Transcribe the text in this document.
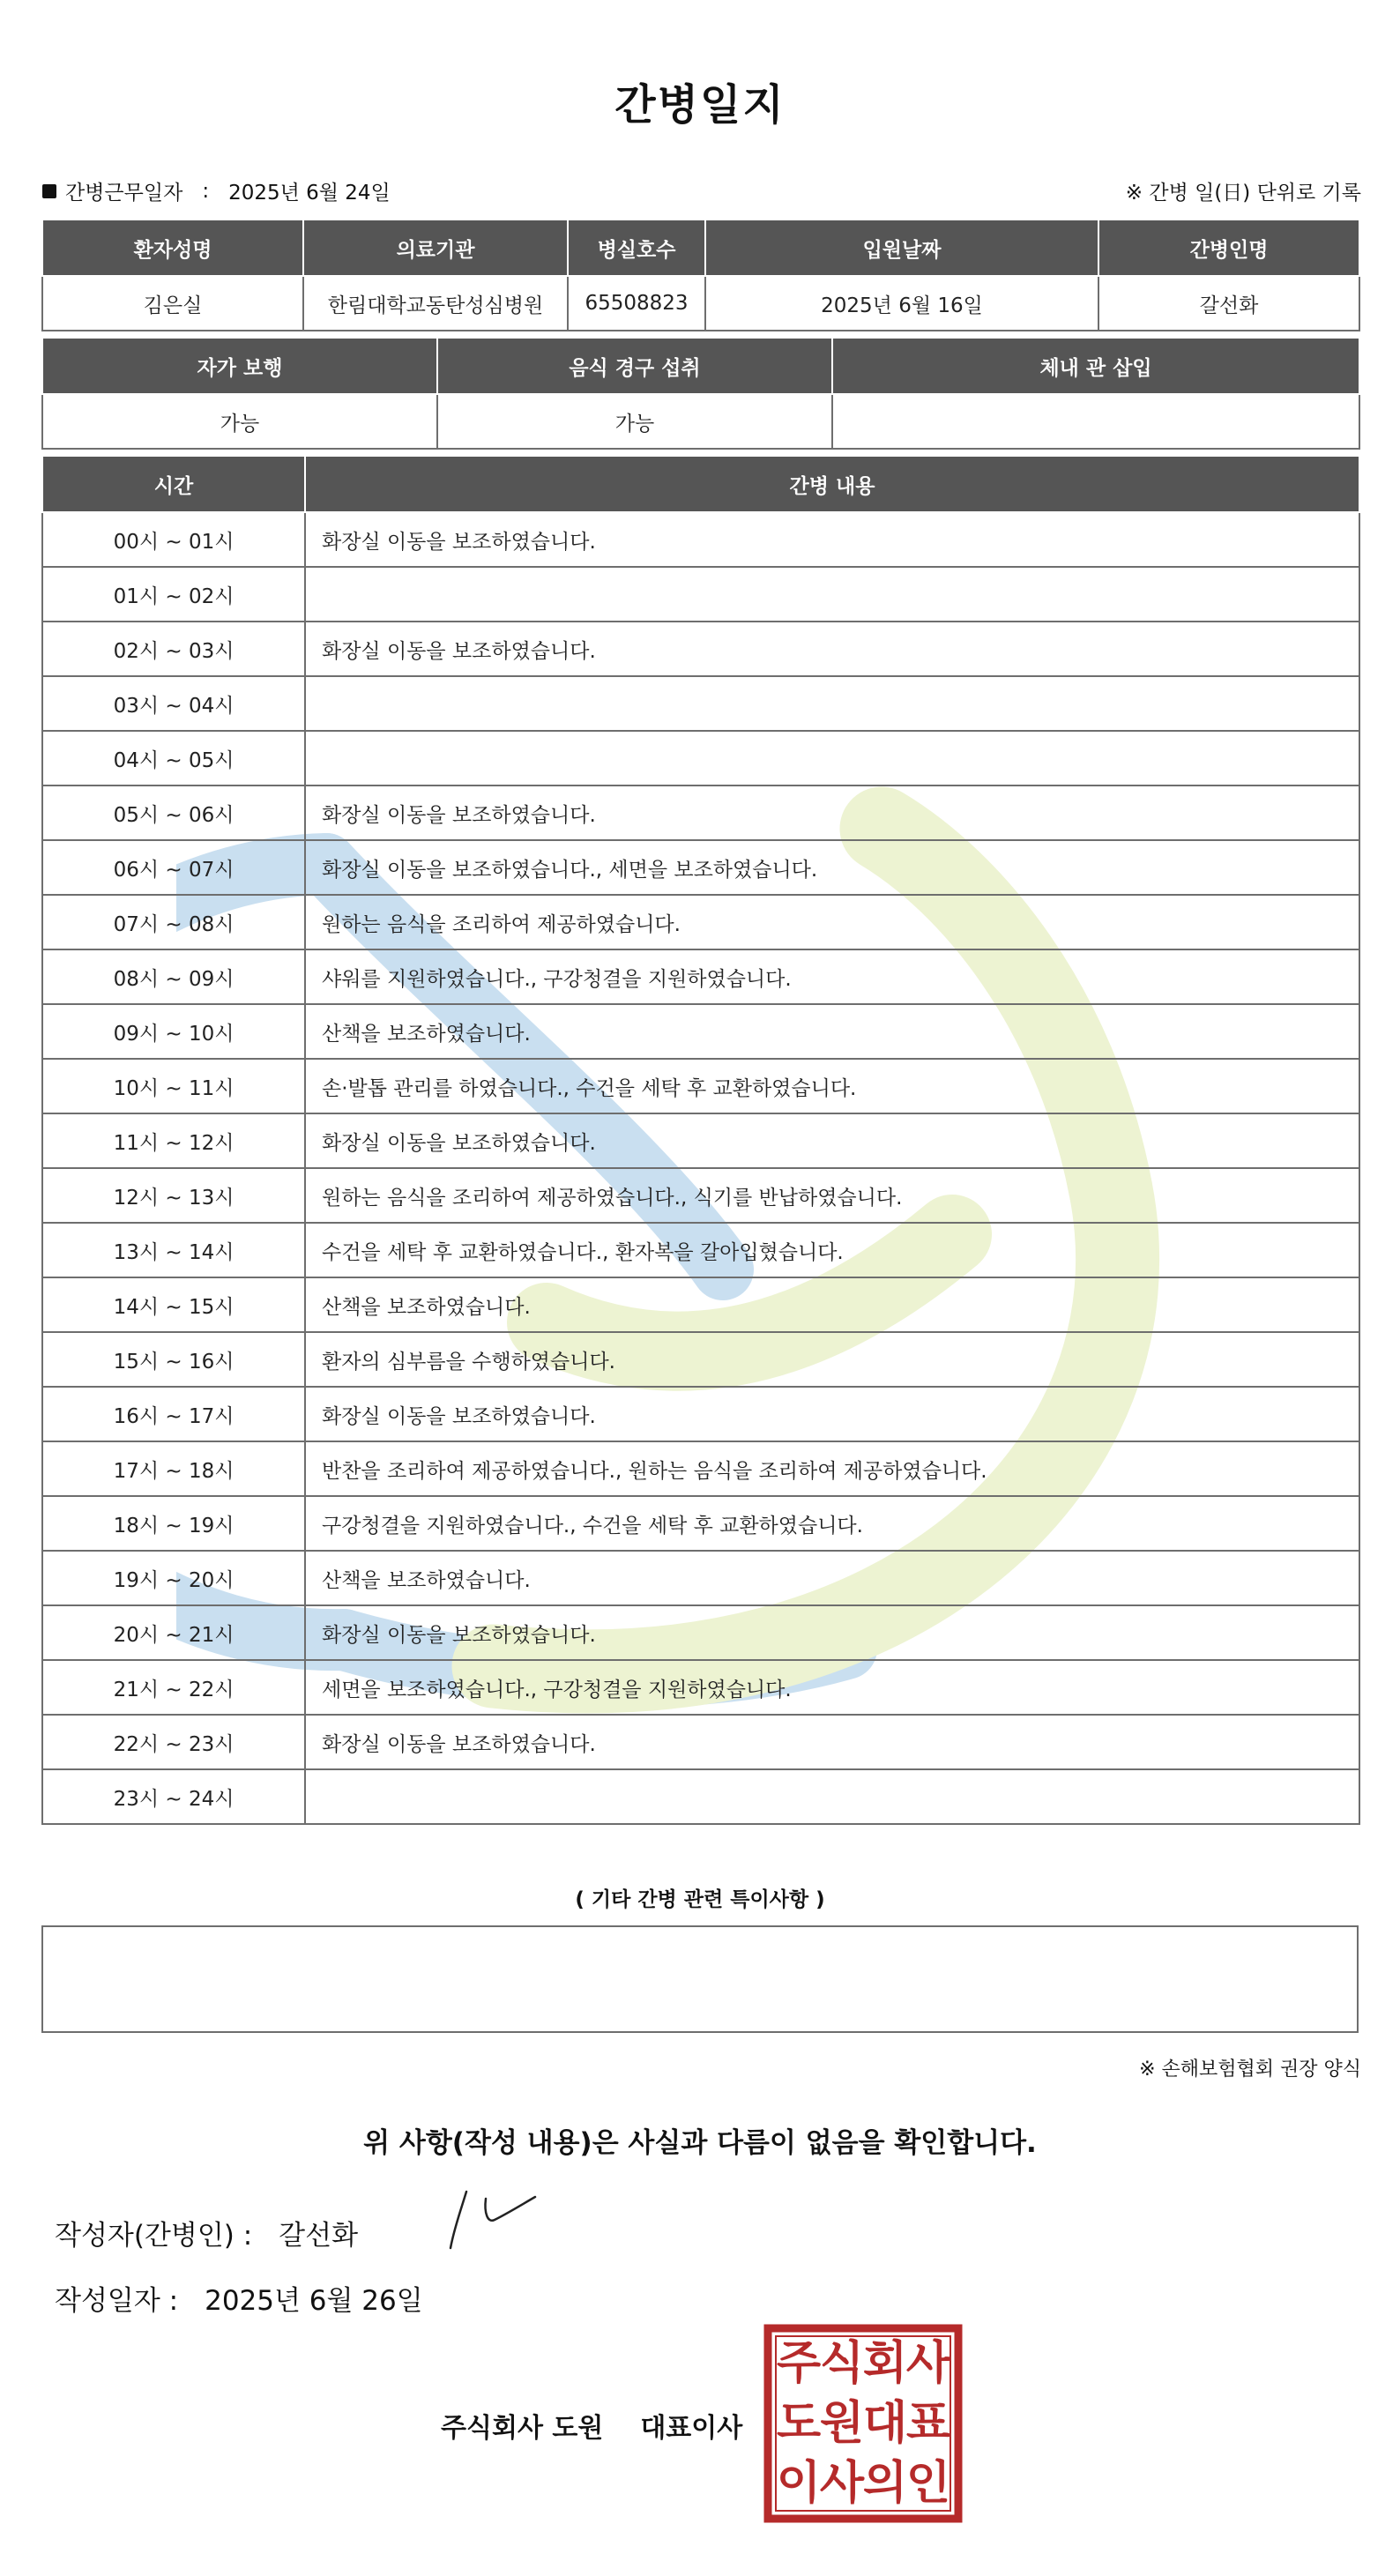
간병일지
간병근무일자 : 2025년 6월 24일	※ 간병 일(日) 단위로 기록
환자성명	의료기관	병실호수	입원날짜	간병인명
김은실	한림대학교동탄성심병원	65508823	2025년 6월 16일	갈선화
자가 보행	음식 경구 섭취	체내 관 삽입
가능	가능	
시간	간병 내용
00시 ~ 01시	화장실 이동을 보조하였습니다.
01시 ~ 02시	
02시 ~ 03시	화장실 이동을 보조하였습니다.
03시 ~ 04시	
04시 ~ 05시	
05시 ~ 06시	화장실 이동을 보조하였습니다.
06시 ~ 07시	화장실 이동을 보조하였습니다., 세면을 보조하였습니다.
07시 ~ 08시	원하는 음식을 조리하여 제공하였습니다.
08시 ~ 09시	샤워를 지원하였습니다., 구강청결을 지원하였습니다.
09시 ~ 10시	산책을 보조하였습니다.
10시 ~ 11시	손·발톱 관리를 하였습니다., 수건을 세탁 후 교환하였습니다.
11시 ~ 12시	화장실 이동을 보조하였습니다.
12시 ~ 13시	원하는 음식을 조리하여 제공하였습니다., 식기를 반납하였습니다.
13시 ~ 14시	수건을 세탁 후 교환하였습니다., 환자복을 갈아입혔습니다.
14시 ~ 15시	산책을 보조하였습니다.
15시 ~ 16시	환자의 심부름을 수행하였습니다.
16시 ~ 17시	화장실 이동을 보조하였습니다.
17시 ~ 18시	반찬을 조리하여 제공하였습니다., 원하는 음식을 조리하여 제공하였습니다.
18시 ~ 19시	구강청결을 지원하였습니다., 수건을 세탁 후 교환하였습니다.
19시 ~ 20시	산책을 보조하였습니다.
20시 ~ 21시	화장실 이동을 보조하였습니다.
21시 ~ 22시	세면을 보조하였습니다., 구강청결을 지원하였습니다.
22시 ~ 23시	화장실 이동을 보조하였습니다.
23시 ~ 24시	
( 기타 간병 관련 특이사항 )
※ 손해보험협회 권장 양식
위 사항(작성 내용)은 사실과 다름이 없음을 확인합니다.
작성자(간병인) : 갈선화
작성일자 : 2025년 6월 26일
주식회사 도원 대표이사
주
식
회
사
도
원
대
표
이
사
의
인
